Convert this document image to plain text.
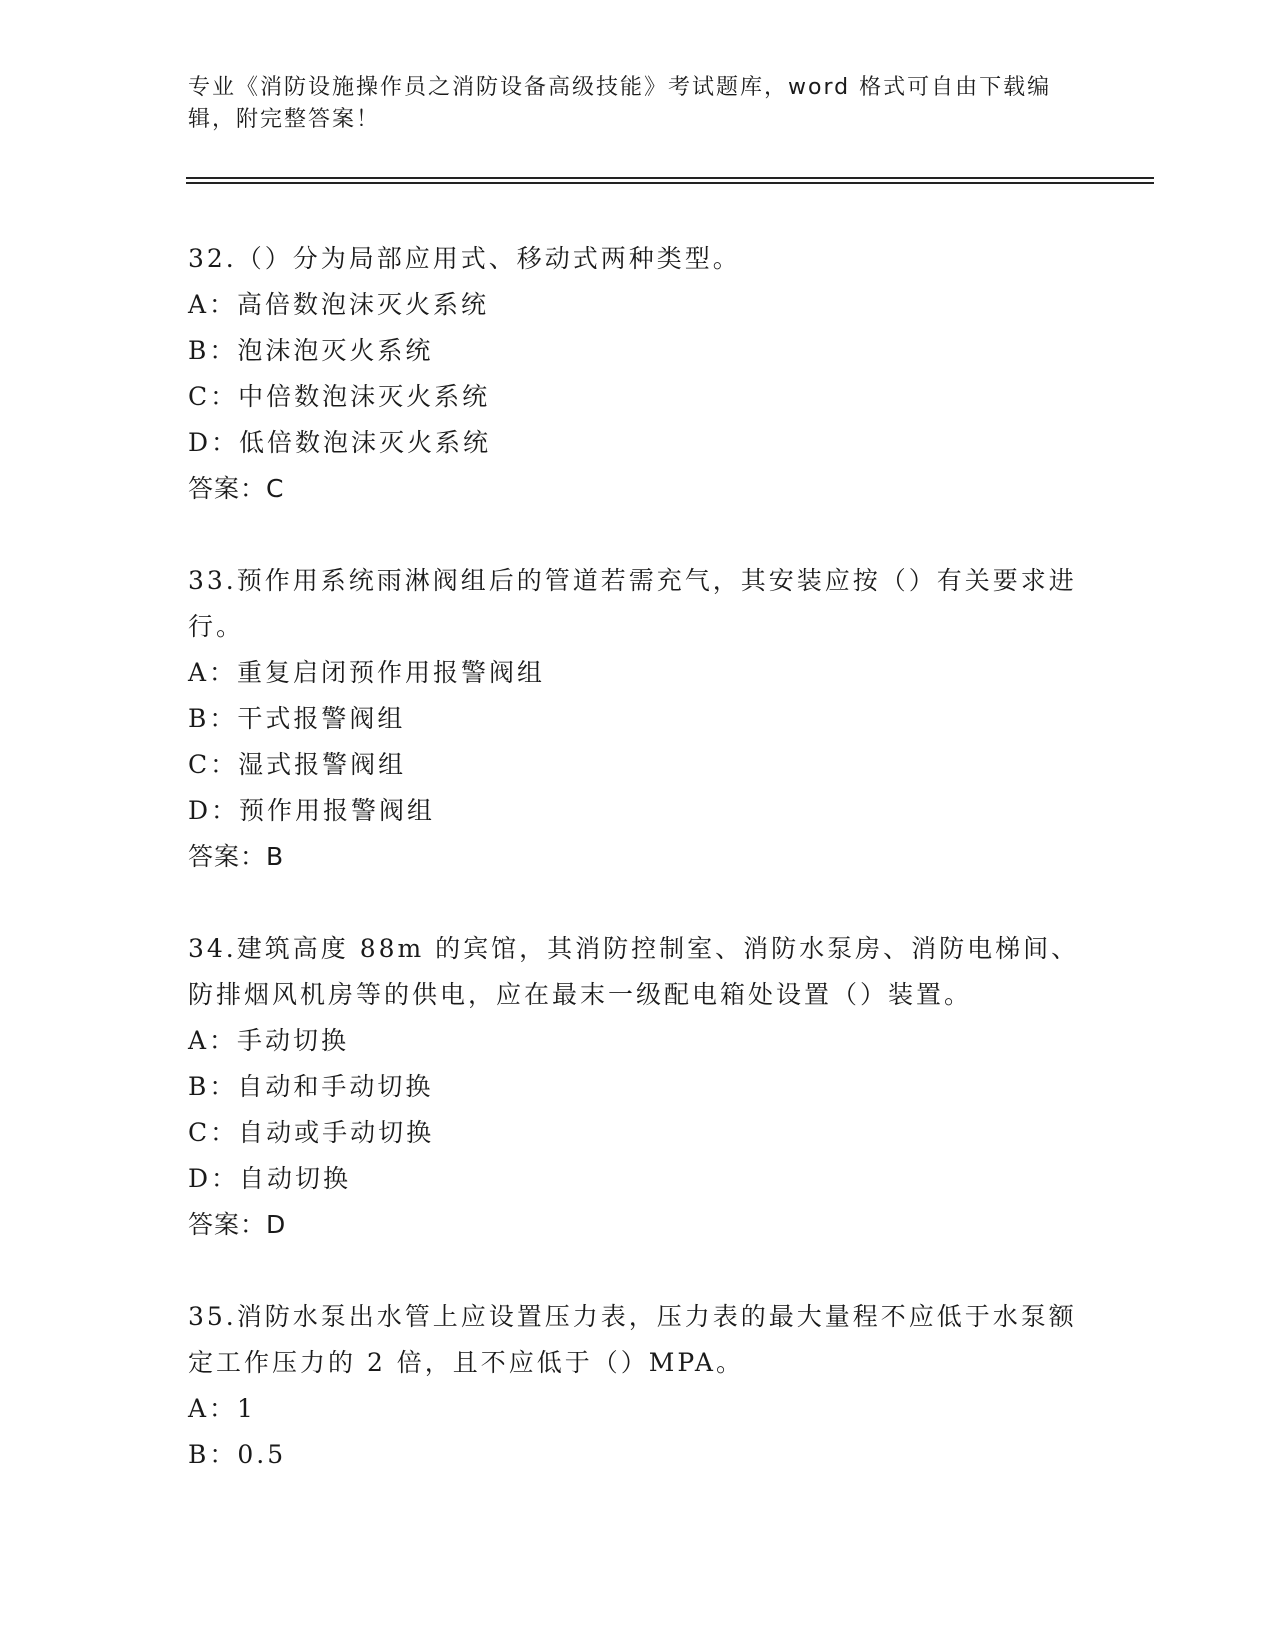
专业《消防设施操作员之消防设备高级技能》考试题库，word 格式可自由下载编辑，附完整答案！
32.（）分为局部应用式、移动式两种类型。
A：高倍数泡沫灭火系统
B：泡沫泡灭火系统
C：中倍数泡沫灭火系统
D：低倍数泡沫灭火系统
答案：C
33.预作用系统雨淋阀组后的管道若需充气，其安装应按（）有关要求进行。
A：重复启闭预作用报警阀组
B：干式报警阀组
C：湿式报警阀组
D：预作用报警阀组
答案：B
34.建筑高度 88m 的宾馆，其消防控制室、消防水泵房、消防电梯间、防排烟风机房等的供电，应在最末一级配电箱处设置（）装置。
A：手动切换
B：自动和手动切换
C：自动或手动切换
D：自动切换
答案：D
35.消防水泵出水管上应设置压力表，压力表的最大量程不应低于水泵额定工作压力的 2 倍，且不应低于（）MPA。
A：1
B：0.5
